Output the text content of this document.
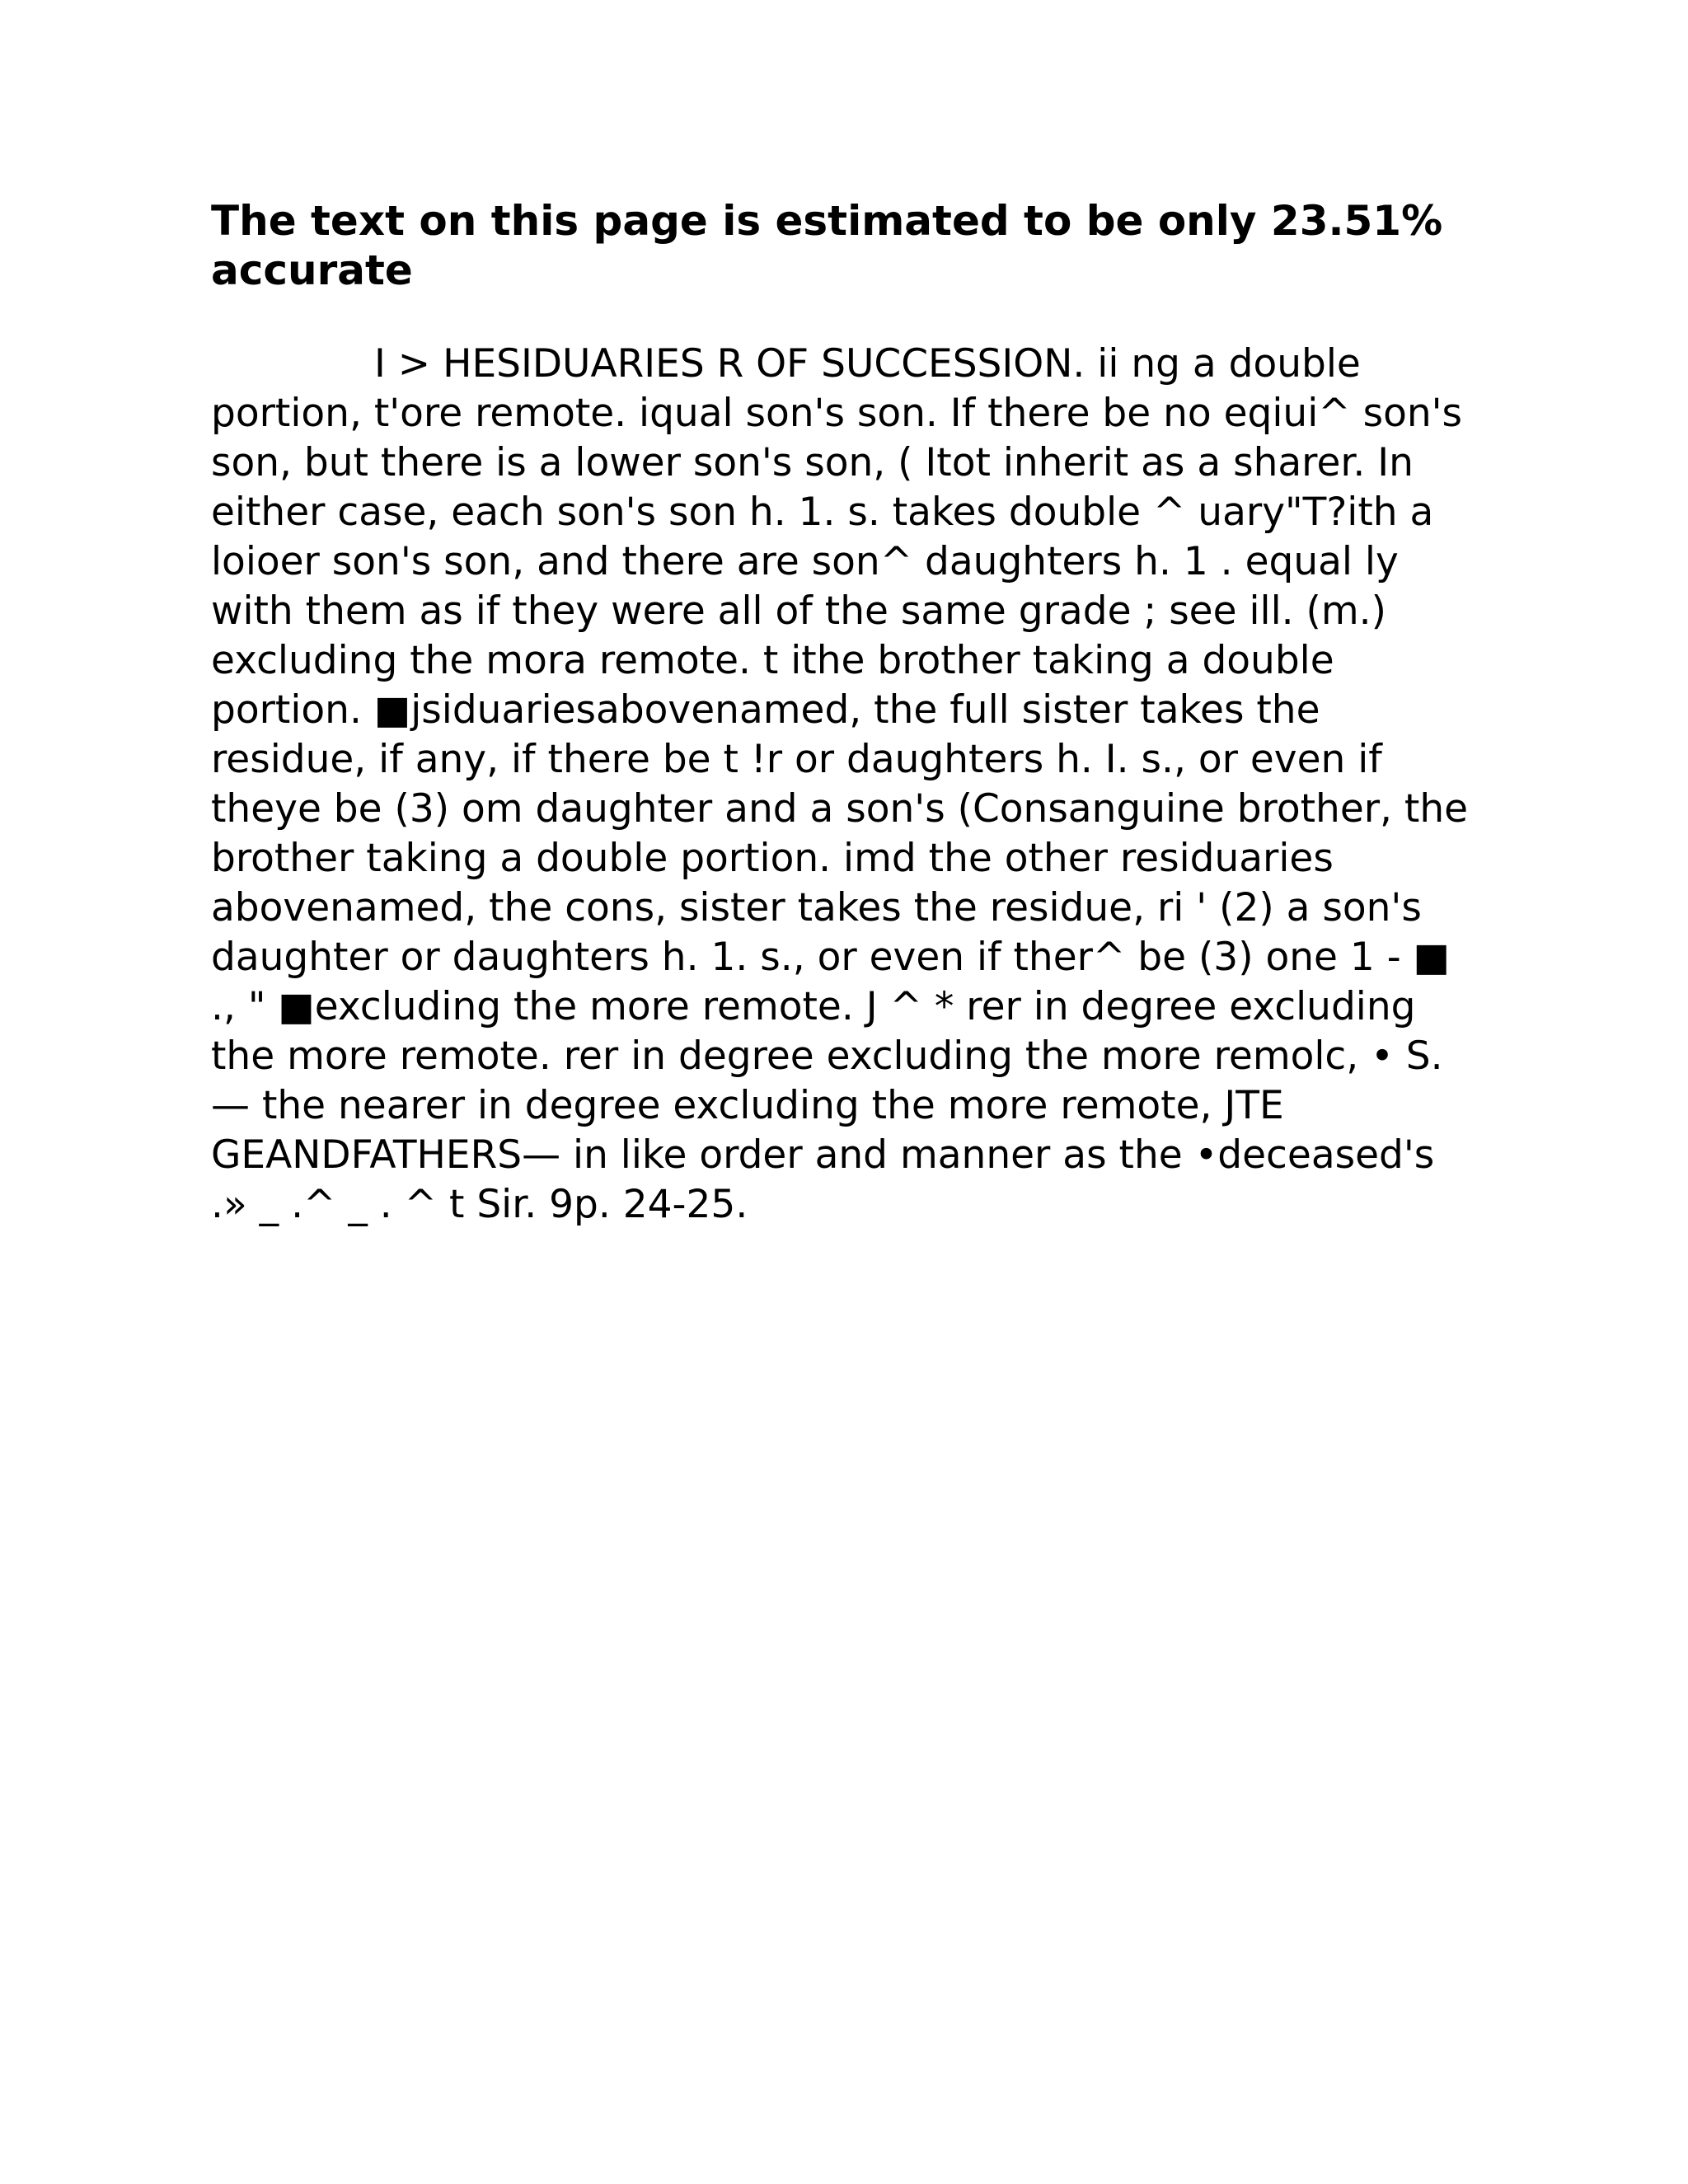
The text on this page is estimated to be only 23.51% accurate

I > HESIDUARIES R OF SUCCESSION. ii ng a double portion, t'ore remote. iqual son's son. If there be no eqiui^ son's son, but there is a lower son's son, ( Itot inherit as a sharer. In either case, each son's son h. 1. s. takes double ^ uary"T?ith a loioer son's son, and there are son^ daughters h. 1 . equal ly with them as if they were all of the same grade ; see ill. (m.) excluding the mora remote. t ithe brother taking a double portion. ■jsiduariesabovenamed, the full sister takes the residue, if any, if there be t !r or daughters h. I. s., or even if theye be (3) om daughter and a son's (Consanguine brother, the brother taking a double portion. imd the other residuaries abovenamed, the cons, sister takes the residue, ri ' (2) a son's daughter or daughters h. 1. s., or even if ther^ be (3) one 1 - ■ ., " ■excluding the more remote. J ^ * rer in degree excluding the more remote. rer in degree excluding the more remolc, • S. — the nearer in degree excluding the more remote, JTE GEANDFATHERS— in like order and manner as the •deceased's .» _ .^ _ . ^ t Sir. 9p. 24-25.
